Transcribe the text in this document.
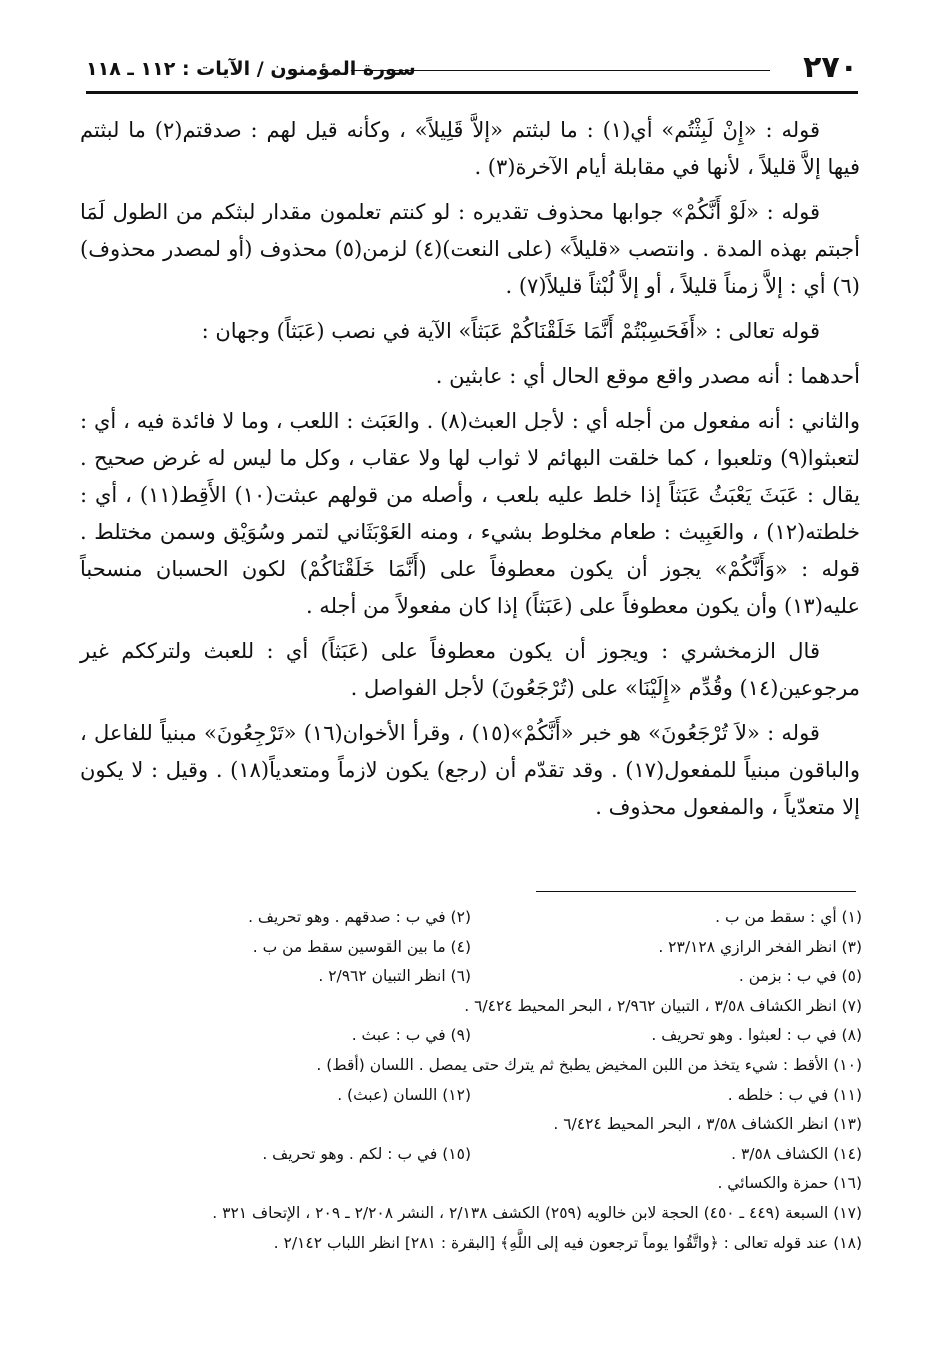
٢٧٠
سورة المؤمنون / الآيات : ١١٢ ـ ١١٨

قوله : «إِنْ لَبِثْتُم» أي(١) : ما لبثتم «إلاَّ قَلِيلاً» ، وكأنه قيل لهم : صدقتم(٢) ما لبثتم فيها إلاَّ قليلاً ، لأنها في مقابلة أيام الآخرة(٣) .

قوله : «لَوْ أَنَّكُمْ» جوابها محذوف تقديره : لو كنتم تعلمون مقدار لبثكم من الطول لَمَا أجبتم بهذه المدة . وانتصب «قليلاً» (على النعت)(٤) لزمن(٥) محذوف (أو لمصدر محذوف)(٦) أي : إلاَّ زمناً قليلاً ، أو إلاَّ لُبْثاً قليلاً(٧) .

قوله تعالى : «أَفَحَسِبْتُمْ أَنَّمَا خَلَقْنَاكُمْ عَبَثاً» الآية في نصب (عَبَثاً) وجهان :

أحدهما : أنه مصدر واقع موقع الحال أي : عابثين .

والثاني : أنه مفعول من أجله أي : لأجل العبث(٨) . والعَبَث : اللعب ، وما لا فائدة فيه ، أي : لتعبثوا(٩) وتلعبوا ، كما خلقت البهائم لا ثواب لها ولا عقاب ، وكل ما ليس له غرض صحيح . يقال : عَبَثَ يَعْبَثُ عَبَثاً إذا خلط عليه بلعب ، وأصله من قولهم عبثت(١٠) الأَقِط(١١) ، أي : خلطته(١٢) ، والعَبِيث : طعام مخلوط بشيء ، ومنه العَوْبَثَاني لتمر وسُوَيْق وسمن مختلط . قوله : «وَأَنَّكُمْ» يجوز أن يكون معطوفاً على (أَنَّمَا خَلَقْنَاكُمْ) لكون الحسبان منسحباً عليه(١٣) وأن يكون معطوفاً على (عَبَثاً) إذا كان مفعولاً من أجله .

قال الزمخشري : ويجوز أن يكون معطوفاً على (عَبَثاً) أي : للعبث ولترككم غير مرجوعين(١٤) وقُدِّم «إِلَيْنَا» على (تُرْجَعُونَ) لأجل الفواصل .

قوله : «لاَ تُرْجَعُونَ» هو خبر «أَنَّكُمْ»(١٥) ، وقرأ الأخوان(١٦) «تَرْجِعُونَ» مبنياً للفاعل ، والباقون مبنياً للمفعول(١٧) . وقد تقدّم أن (رجع) يكون لازماً ومتعدياً(١٨) . وقيل : لا يكون إلا متعدّياً ، والمفعول محذوف .

(١) أي : سقط من ب .
(٢) في ب : صدقهم . وهو تحريف .
(٣) انظر الفخر الرازي ٢٣/١٢٨ .
(٤) ما بين القوسين سقط من ب .
(٥) في ب : بزمن .
(٦) انظر التبيان ٢/٩٦٢ .
(٧) انظر الكشاف ٣/٥٨ ، التبيان ٢/٩٦٢ ، البحر المحيط ٦/٤٢٤ .
(٨) في ب : لعبثوا . وهو تحريف .
(٩) في ب : عبث .
(١٠) الأقط : شيء يتخذ من اللبن المخيض يطبخ ثم يترك حتى يمصل . اللسان (أقط) .
(١١) في ب : خلطه .
(١٢) اللسان (عبث) .
(١٣) انظر الكشاف ٣/٥٨ ، البحر المحيط ٦/٤٢٤ .
(١٤) الكشاف ٣/٥٨ .
(١٥) في ب : لكم . وهو تحريف .
(١٦) حمزة والكسائي .
(١٧) السبعة (٤٤٩ ـ ٤٥٠) الحجة لابن خالويه (٢٥٩) الكشف ٢/١٣٨ ، النشر ٢/٢٠٨ ـ ٢٠٩ ، الإتحاف ٣٢١ .
(١٨) عند قوله تعالى : ﴿واتَّقُوا يوماً ترجعون فيه إلى اللَّهِ﴾ [البقرة : ٢٨١] انظر اللباب ٢/١٤٢ .
